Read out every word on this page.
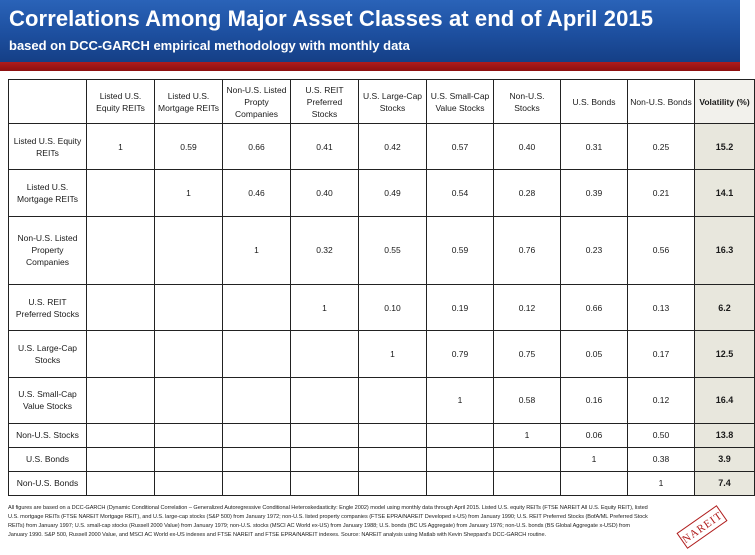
Correlations Among Major Asset Classes at end of April 2015
based on DCC-GARCH empirical methodology with monthly data
	Listed U.S. Equity REITs	Listed U.S. Mortgage REITs	Non-U.S. Listed Propty Companies	U.S. REIT Preferred Stocks	U.S. Large-Cap Stocks	U.S. Small-Cap Value Stocks	Non-U.S. Stocks	U.S. Bonds	Non-U.S. Bonds	Volatility (%)
Listed U.S. Equity REITs	1	0.59	0.66	0.41	0.42	0.57	0.40	0.31	0.25	15.2
Listed U.S. Mortgage REITs		1	0.46	0.40	0.49	0.54	0.28	0.39	0.21	14.1
Non-U.S. Listed Property Companies			1	0.32	0.55	0.59	0.76	0.23	0.56	16.3
U.S. REIT Preferred Stocks				1	0.10	0.19	0.12	0.66	0.13	6.2
U.S. Large-Cap Stocks					1	0.79	0.75	0.05	0.17	12.5
U.S. Small-Cap Value Stocks						1	0.58	0.16	0.12	16.4
Non-U.S. Stocks							1	0.06	0.50	13.8
U.S. Bonds								1	0.38	3.9
Non-U.S. Bonds									1	7.4
All figures are based on a DCC-GARCH (Dynamic Conditional Correlation – Generalized Autoregressive Conditional Heteroskedasticity: Engle 2002) model using monthly data through April 2015. Listed U.S. equity REITs (FTSE NAREIT All U.S. Equity REIT), listed U.S. mortgage REITs (FTSE NAREIT Mortgage REIT), and U.S. large-cap stocks (S&P 500) from January 1972; non-U.S. listed property companies (FTSE EPRA/NAREIT Developed x-US) from January 1990; U.S. REIT Preferred Stocks (BofA/ML Preferred Stock REITs) from January 1997; U.S. small-cap stocks (Russell 2000 Value) from January 1979; non-U.S. stocks (MSCI AC World ex-US) from January 1988; U.S. bonds (BC US Aggregate) from January 1976; non-U.S. bonds (BS Global Aggregate x-USD) from January 1990. S&P 500, Russell 2000 Value, and MSCI AC World ex-US indexes and FTSE NAREIT and FTSE EPRA/NAREIT indexes. Source: NAREIT analysis using Matlab with Kevin Sheppard's DCC-GARCH routine.	NAREIT
